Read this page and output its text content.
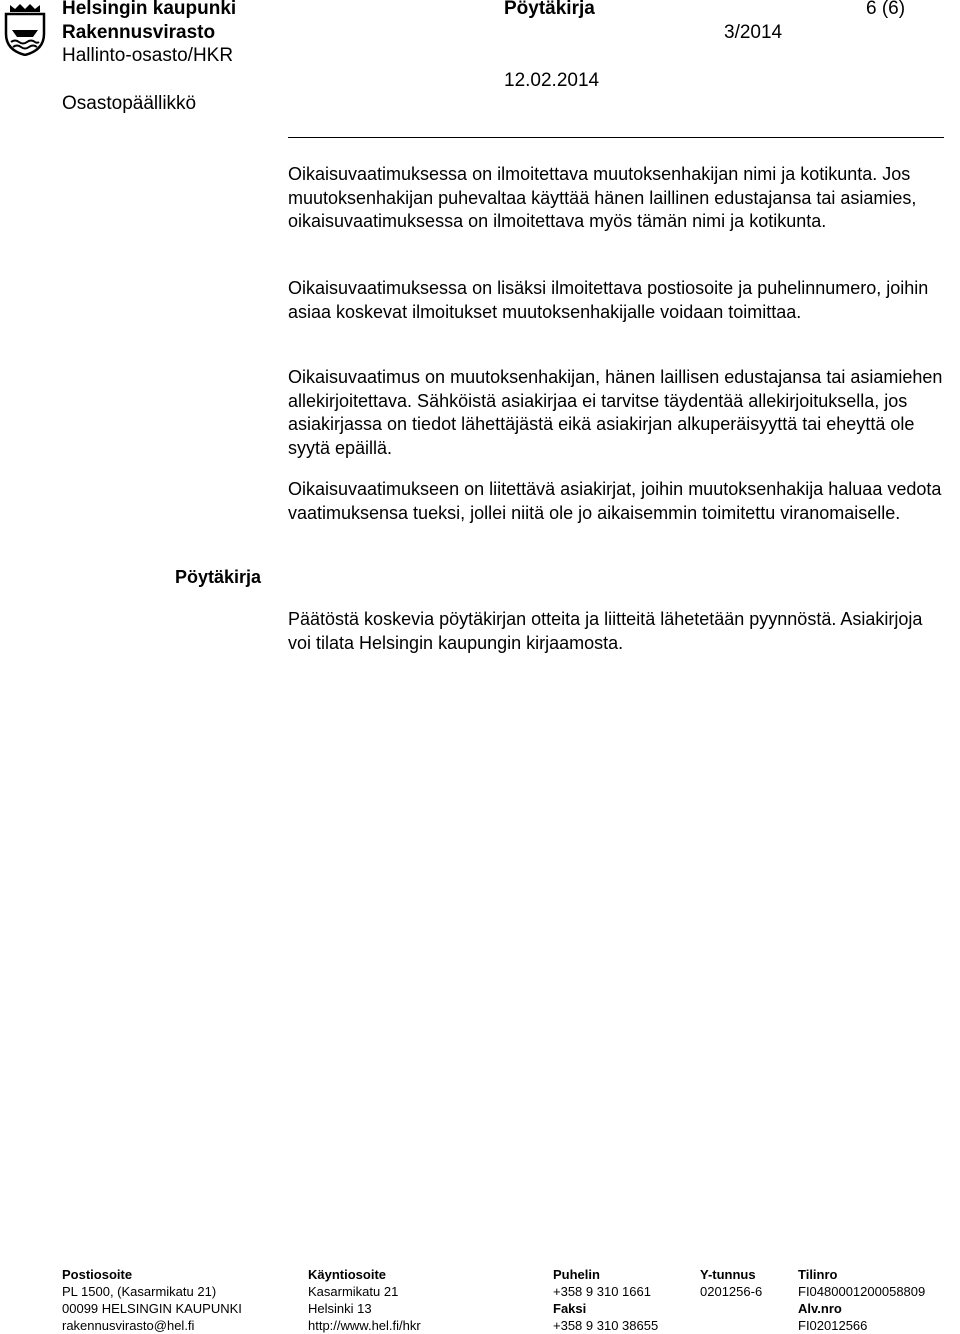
Helsingin kaupunki
Rakennusvirasto
Hallinto-osasto/HKR
Osastopäällikkö
Pöytäkirja
3/2014
12.02.2014
6 (6)

Oikaisuvaatimuksessa on ilmoitettava muutoksenhakijan nimi ja kotikunta. Jos muutoksenhakijan puhevaltaa käyttää hänen laillinen edustajansa tai asiamies, oikaisuvaatimuksessa on ilmoitettava myös tämän nimi ja kotikunta.

Oikaisuvaatimuksessa on lisäksi ilmoitettava postiosoite ja puhelinnumero, joihin asiaa koskevat ilmoitukset muutoksenhakijalle voidaan toimittaa.

Oikaisuvaatimus on muutoksenhakijan, hänen laillisen edustajansa tai asiamiehen allekirjoitettava. Sähköistä asiakirjaa ei tarvitse täydentää allekirjoituksella, jos asiakirjassa on tiedot lähettäjästä eikä asiakirjan alkuperäisyyttä tai eheyttä ole syytä epäillä.

Oikaisuvaatimukseen on liitettävä asiakirjat, joihin muutoksenhakija haluaa vedota vaatimuksensa tueksi, jollei niitä ole jo aikaisemmin toimitettu viranomaiselle.

Pöytäkirja

Päätöstä koskevia pöytäkirjan otteita ja liitteitä lähetetään pyynnöstä. Asiakirjoja voi tilata Helsingin kaupungin kirjaamosta.

Postiosoite
PL 1500, (Kasarmikatu 21)
00099 HELSINGIN KAUPUNKI
rakennusvirasto@hel.fi
Käyntiosoite
Kasarmikatu 21
Helsinki 13
http://www.hel.fi/hkr
Puhelin
+358 9 310 1661
Faksi
+358 9 310 38655
Y-tunnus
0201256-6
Tilinro
FI0480001200058809
Alv.nro
FI02012566
